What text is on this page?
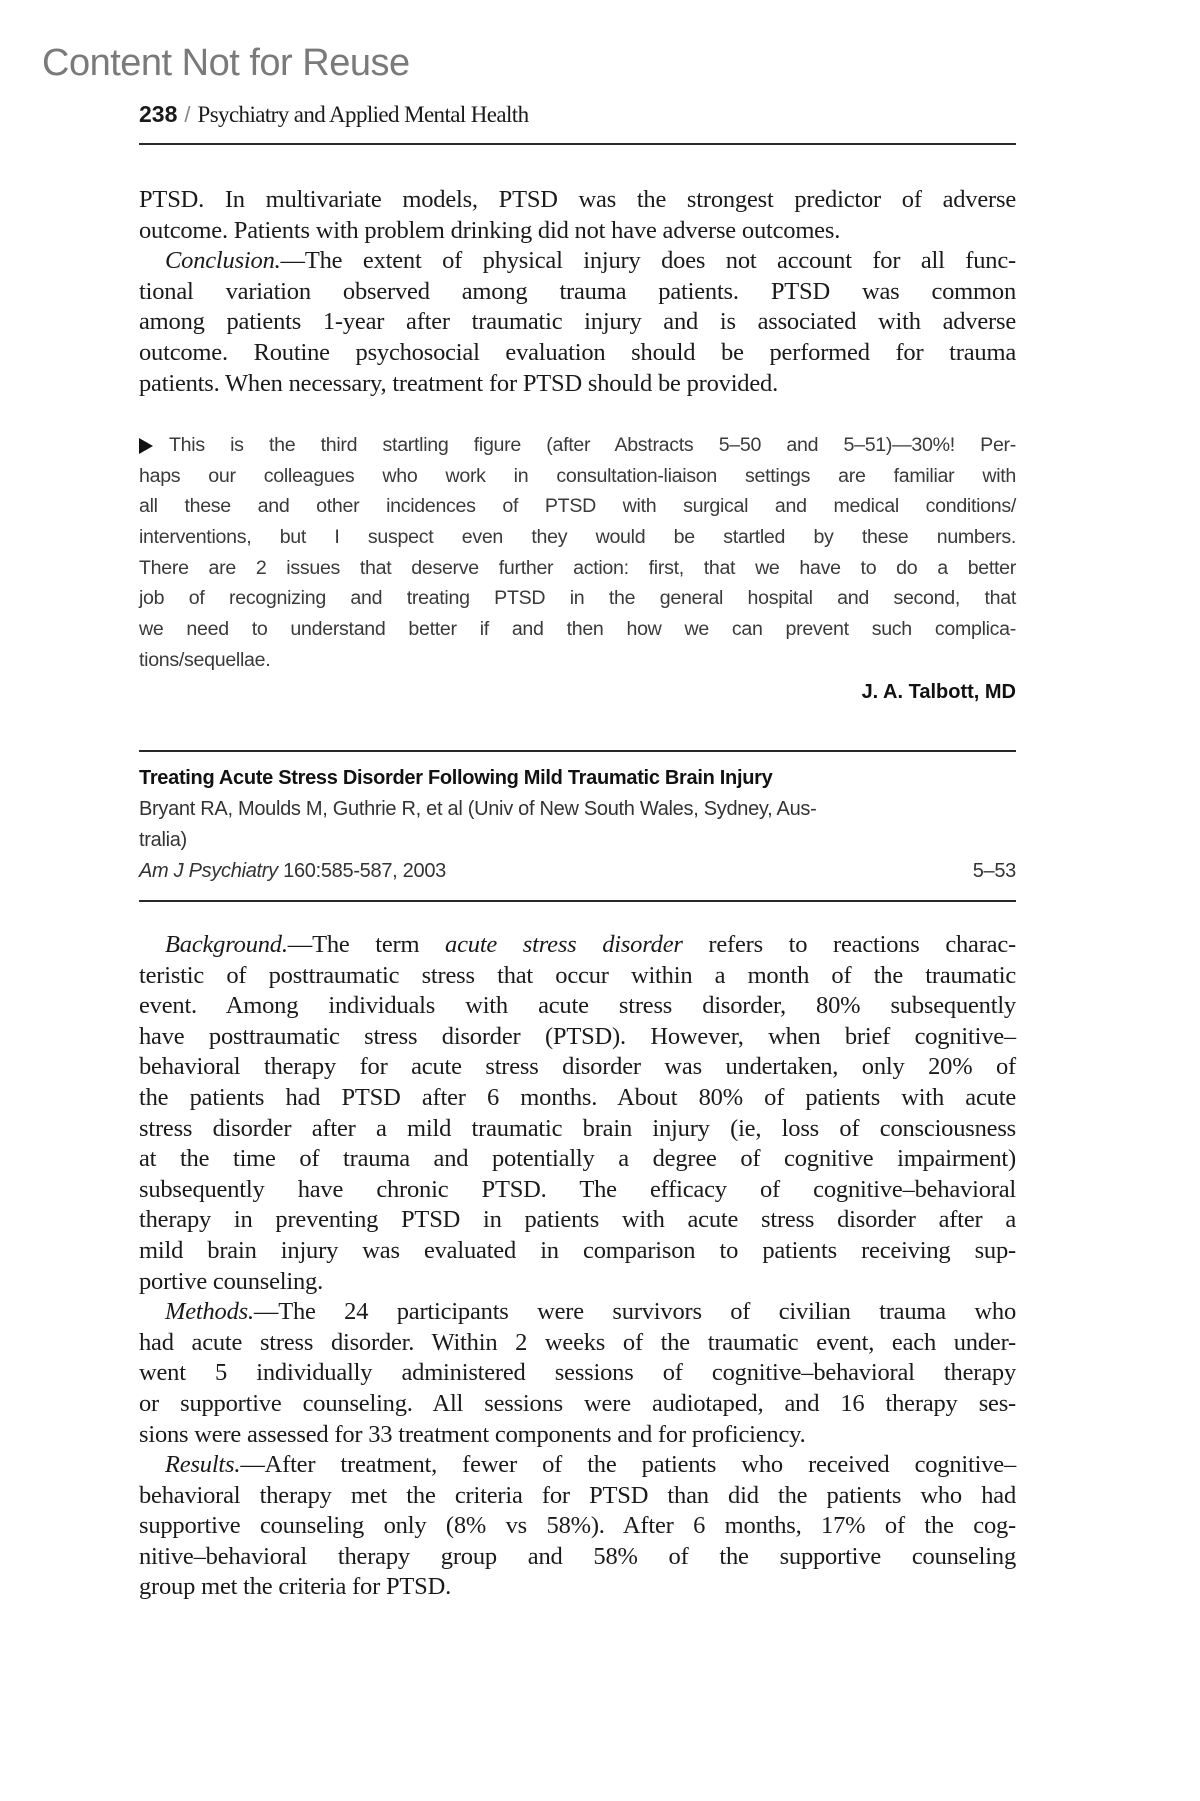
Content Not for Reuse
238 / Psychiatry and Applied Mental Health
PTSD. In multivariate models, PTSD was the strongest predictor of adverse
outcome. Patients with problem drinking did not have adverse outcomes.
Conclusion.—The extent of physical injury does not account for all func-
tional variation observed among trauma patients. PTSD was common
among patients 1-year after traumatic injury and is associated with adverse
outcome. Routine psychosocial evaluation should be performed for trauma
patients. When necessary, treatment for PTSD should be provided.
This is the third startling figure (after Abstracts 5–50 and 5–51)—30%! Per-
haps our colleagues who work in consultation-liaison settings are familiar with
all these and other incidences of PTSD with surgical and medical conditions/
interventions, but I suspect even they would be startled by these numbers.
There are 2 issues that deserve further action: first, that we have to do a better
job of recognizing and treating PTSD in the general hospital and second, that
we need to understand better if and then how we can prevent such complica-
tions/sequellae.
J. A. Talbott, MD
Treating Acute Stress Disorder Following Mild Traumatic Brain Injury
Bryant RA, Moulds M, Guthrie R, et al (Univ of New South Wales, Sydney, Aus-
tralia)
Am J Psychiatry 160:585-587, 2003	5–53
Background.—The term acute stress disorder refers to reactions charac-
teristic of posttraumatic stress that occur within a month of the traumatic
event. Among individuals with acute stress disorder, 80% subsequently
have posttraumatic stress disorder (PTSD). However, when brief cognitive–
behavioral therapy for acute stress disorder was undertaken, only 20% of
the patients had PTSD after 6 months. About 80% of patients with acute
stress disorder after a mild traumatic brain injury (ie, loss of consciousness
at the time of trauma and potentially a degree of cognitive impairment)
subsequently have chronic PTSD. The efficacy of cognitive–behavioral
therapy in preventing PTSD in patients with acute stress disorder after a
mild brain injury was evaluated in comparison to patients receiving sup-
portive counseling.
Methods.—The 24 participants were survivors of civilian trauma who
had acute stress disorder. Within 2 weeks of the traumatic event, each under-
went 5 individually administered sessions of cognitive–behavioral therapy
or supportive counseling. All sessions were audiotaped, and 16 therapy ses-
sions were assessed for 33 treatment components and for proficiency.
Results.—After treatment, fewer of the patients who received cognitive–
behavioral therapy met the criteria for PTSD than did the patients who had
supportive counseling only (8% vs 58%). After 6 months, 17% of the cog-
nitive–behavioral therapy group and 58% of the supportive counseling
group met the criteria for PTSD.
